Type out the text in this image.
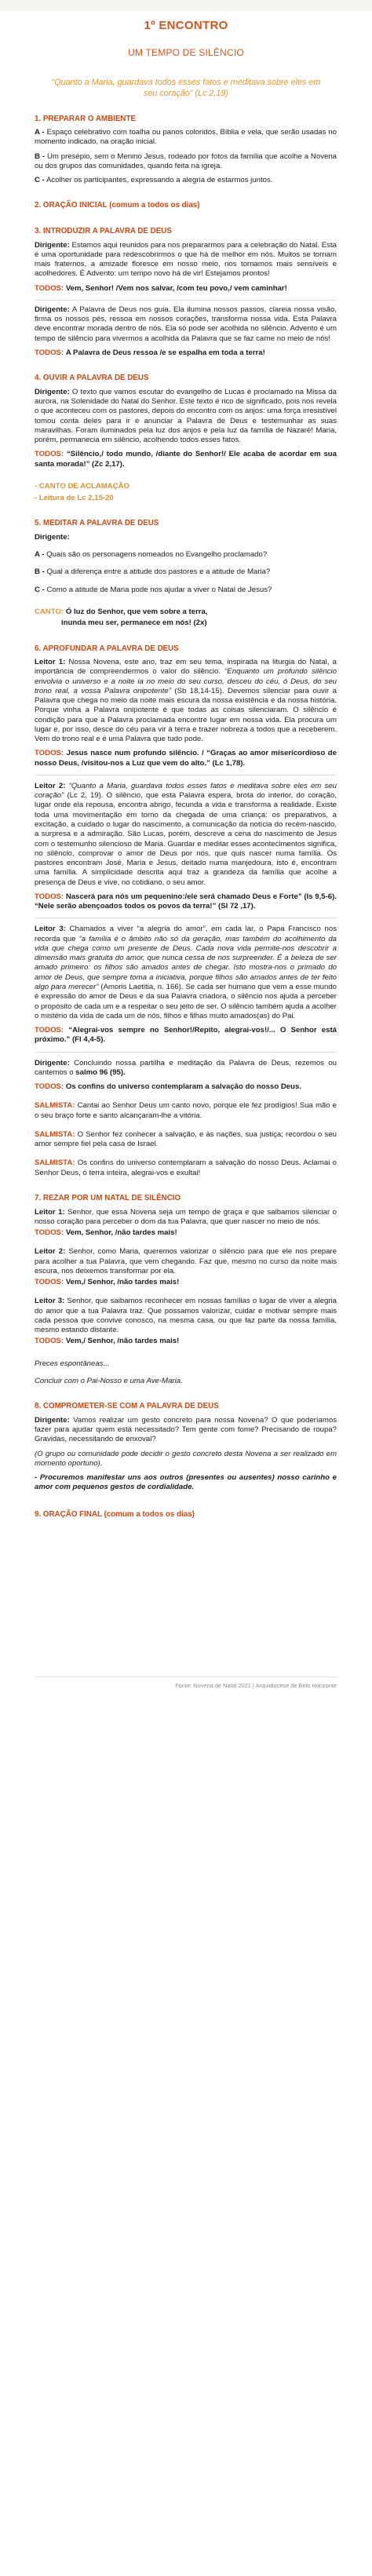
1º ENCONTRO
UM TEMPO DE SILÊNCIO
“Quanto a Maria, guardava todos esses fatos e meditava sobre eles em seu coração” (Lc 2,19)
1. PREPARAR O AMBIENTE

A - Espaço celebrativo com toalha ou panos coloridos, Bíblia e vela, que serão usadas no momento indicado, na oração inicial.

B - Um presépio, sem o Menino Jesus, rodeado por fotos da família que acolhe a Novena ou dos grupos das comunidades, quando feita na igreja.

C - Acolher os participantes, expressando a alegria de estarmos juntos.

2. ORAÇÃO INICIAL (comum a todos os dias)
3. INTRODUZIR A PALAVRA DE DEUS

Dirigente: Estamos aqui reunidos para nos prepararmos para a celebração do Natal. Esta é uma oportunidade para redescobrirmos o que há de melhor em nós. Muitos se tornam mais fraternos, a amizade floresce em nosso meio, nos tornamos mais sensíveis e acolhedores. É Advento: um tempo novo há de vir! Estejamos prontos!

TODOS: Vem, Senhor! /Vem nos salvar, /com teu povo,/ vem caminhar!

Dirigente: A Palavra de Deus nos guia. Ela ilumina nossos passos, clareia nossa visão, firma os nossos pés, ressoa em nossos corações, transforma nossa vida. Esta Palavra deve encontrar morada dentro de nós. Ela só pode ser acolhida no silêncio. Advento é um tempo de silêncio para vivermos a acolhida da Palavra que se faz carne no meio de nós!

TODOS: A Palavra de Deus ressoa /e se espalha em toda a terra!

4. OUVIR A PALAVRA DE DEUS

Dirigente: O texto que vamos escutar do evangelho de Lucas é proclamado na Missa da aurora, na Solenidade do Natal do Senhor. Este texto é rico de significado, pois nos revela o que aconteceu com os pastores, depois do encontro com os anjos: uma força irresistível tomou conta deles para ir e anunciar a Palavra de Deus e testemunhar as suas maravilhas. Foram iluminados pela luz dos anjos e pela luz da família de Nazaré! Maria, porém, permanecia em silêncio, acolhendo todos esses fatos.

TODOS: “Silêncio,/ todo mundo, /diante do Senhor!/ Ele acaba de acordar em sua santa morada!” (Zc 2,17).

- CANTO DE ACLAMAÇÃO
- Leitura de Lc 2,15-20
5. MEDITAR A PALAVRA DE DEUS

Dirigente:

A - Quais são os personagens nomeados no Evangelho proclamado?

B - Qual a diferença entre a atitude dos pastores e a atitude de Maria?

C - Como a atitude de Maria pode nos ajudar a viver o Natal de Jesus?

CANTO: Ó luz do Senhor, que vem sobre a terra,

inunda meu ser, permanece em nós! (2x)

6. APROFUNDAR A PALAVRA DE DEUS

Leitor 1: Nossa Novena, este ano, traz em seu tema, inspirada na liturgia do Natal, a importância de compreendermos o valor do silêncio. “Enquanto um profundo silêncio envolvia o universo e a noite ia no meio do seu curso, desceu do céu, ó Deus, do seu trono real, a vossa Palavra onipotente” (Sb 18,14-15). Devemos silenciar para ouvir a Palavra que chega no meio da noite mais escura da nossa existência e da nossa história. Porque vinha a Palavra onipotente é que todas as coisas silenciaram. O silêncio é condição para que a Palavra proclamada encontre lugar em nossa vida. Ela procura um lugar e, por isso, desce do céu para vir à terra e trazer nobreza a todos que a receberem. Vem do trono real e é uma Palavra que tudo pode.

TODOS: Jesus nasce num profundo silêncio. / “Graças ao amor misericordioso de nosso Deus, /visitou-nos a Luz que vem do alto.” (Lc 1,78).

Leitor 2: “Quanto a Maria, guardava todos esses fatos e meditava sobre eles em seu coração” (Lc 2, 19). O silêncio, que esta Palavra espera, brota do interior, do coração, lugar onde ela repousa, encontra abrigo, fecunda a vida e transforma a realidade. Existe toda uma movimentação em torno da chegada de uma criança: os preparativos, a excitação, a cuidado o lugar do nascimento, a comunicação da notícia do recém-nascido, a surpresa e a admiração. São Lucas, porém, descreve a cena do nascimento de Jesus com o testemunho silencioso de Maria. Guardar e meditar esses acontecimentos significa, no silêncio, comprovar o amor de Deus por nós, que quis nascer numa família. Os pastores encontram José, Maria e Jesus, deitado numa manjedoura, isto é, encontram uma família. A simplicidade descrita aqui traz a grandeza da família que acolhe a presença de Deus e vive, no cotidiano, o seu amor.

TODOS: Nascerá para nós um pequenino:/ele será chamado Deus e Forte” (Is 9,5-6). “Nele serão abençoados todos os povos da terra!” (Sl 72 ,17).

Leitor 3: Chamados a viver “a alegria do amor”, em cada lar, o Papa Francisco nos recorda que “a família é o âmbito não só da geração, mas também do acolhimento da vida que chega como um presente de Deus. Cada nova vida permite-nos descobrir a dimensão mais gratuita do amor, que nunca cessa de nos surpreender. É a beleza de ser amado primeiro: os filhos são amados antes de chegar. Isto mostra-nos o primado do amor de Deus, que sempre toma a iniciativa, porque filhos são amados antes de ter feito algo para merecer” (Amoris Laetitia, n. 166). Se cada ser humano que vem a esse mundo é expressão do amor de Deus e da sua Palavra criadora, o silêncio nos ajuda a perceber o propósito de cada um e a respeitar o seu jeito de ser. O silêncio também ajuda a acolher o mistério da vida de cada um de nós, filhos e filhas muito amados(as) do Pai.

TODOS: “Alegrai-vos sempre no Senhor!/Repito, alegrai-vos!/... O Senhor está próximo.” (Fl 4,4-5).

Dirigente: Concluindo nossa partilha e meditação da Palavra de Deus, rezemos ou cantemos o salmo 96 (95).

TODOS: Os confins do universo contemplaram a salvação do nosso Deus.

SALMISTA: Cantai ao Senhor Deus um canto novo, porque ele fez prodígios! Sua mão e o seu braço forte e santo alcançaram-lhe a vitória.

SALMISTA: O Senhor fez conhecer a salvação, e às nações, sua justiça; recordou o seu amor sempre fiel pela casa de Israel.

SALMISTA: Os confins do universo contemplaram a salvação do nosso Deus. Aclamai o Senhor Deus, ó terra inteira, alegrai-vos e exultai!

7. REZAR POR UM NATAL DE SILÊNCIO

Leitor 1: Senhor, que essa Novena seja um tempo de graça e que saibamos silenciar o nosso coração para perceber o dom da tua Palavra, que quer nascer no meio de nós.

TODOS: Vem, Senhor, /não tardes mais!

Leitor 2: Senhor, como Maria, queremos valorizar o silêncio para que ele nos prepare para acolher a tua Palavra, que vem chegando. Faz que, mesmo no curso da noite mais escura, nos deixemos transformar por ela.

TODOS: Vem,/ Senhor, /não tardes mais!

Leitor 3: Senhor, que saibamos reconhecer em nossas famílias o lugar de viver a alegria do amor que a tua Palavra traz. Que possamos valorizar, cuidar e motivar sempre mais cada pessoa que convive conosco, na mesma casa, ou que faz parte da nossa família, mesmo estando distante.

TODOS: Vem,/ Senhor, /não tardes mais!

Preces espontâneas...

Concluir com o Pai-Nosso e uma Ave-Maria.

8. COMPROMETER-SE COM A PALAVRA DE DEUS

Dirigente: Vamos realizar um gesto concreto para nossa Novena? O que poderíamos fazer para ajudar quem está necessitado? Tem gente com fome? Precisando de roupa? Gravidas, necessitando de enxoval?

(O grupo ou comunidade pode decidir o gesto concreto desta Novena a ser realizado em momento oportuno).

- Procuremos manifestar uns aos outros (presentes ou ausentes) nosso carinho e amor com pequenos gestos de cordialidade.

9. ORAÇÃO FINAL (comum a todos os dias)
Fonte: Novena de Natal 2021 | Arquidiocese de Belo Horizonte
